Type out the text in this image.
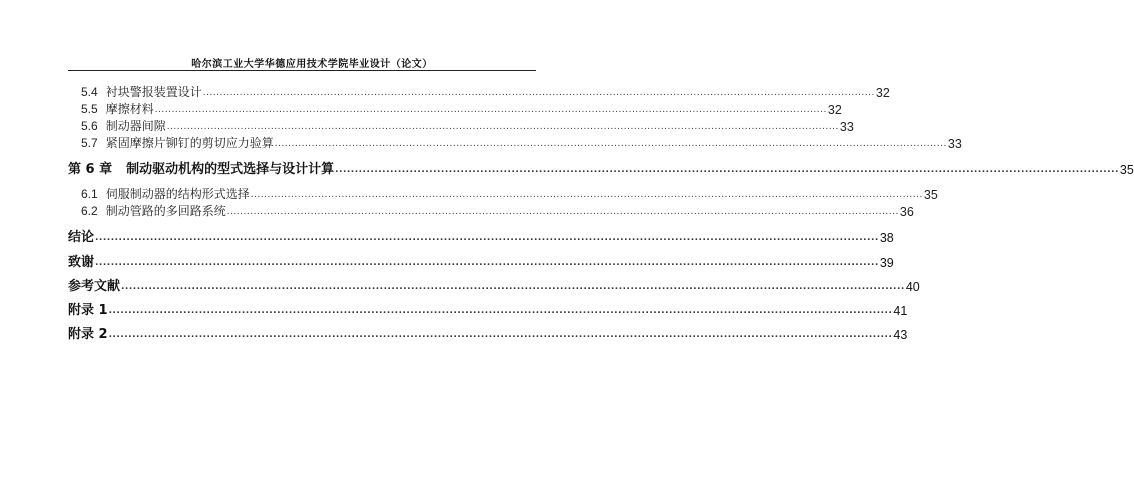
哈尔滨工业大学华德应用技术学院毕业设计（论文）
5.4 衬块警报装置设计 ........................................................................................................................................................................................................ 32
5.5 摩擦材料 ........................................................................................................................................................................................................ 32
5.6 制动器间隙 ........................................................................................................................................................................................................ 33
5.7 紧固摩擦片铆钉的剪切应力验算 ........................................................................................................................................................................................................ 33
第 6 章 制动驱动机构的型式选择与设计计算 ........................................................................................................................................................................................................ 35
6.1 伺服制动器的结构形式选择 ........................................................................................................................................................................................................ 35
6.2 制动管路的多回路系统 ........................................................................................................................................................................................................ 36
结论 ........................................................................................................................................................................................................ 38
致谢 ........................................................................................................................................................................................................ 39
参考文献 ........................................................................................................................................................................................................ 40
附录 1 ........................................................................................................................................................................................................ 41
附录 2 ........................................................................................................................................................................................................ 43
